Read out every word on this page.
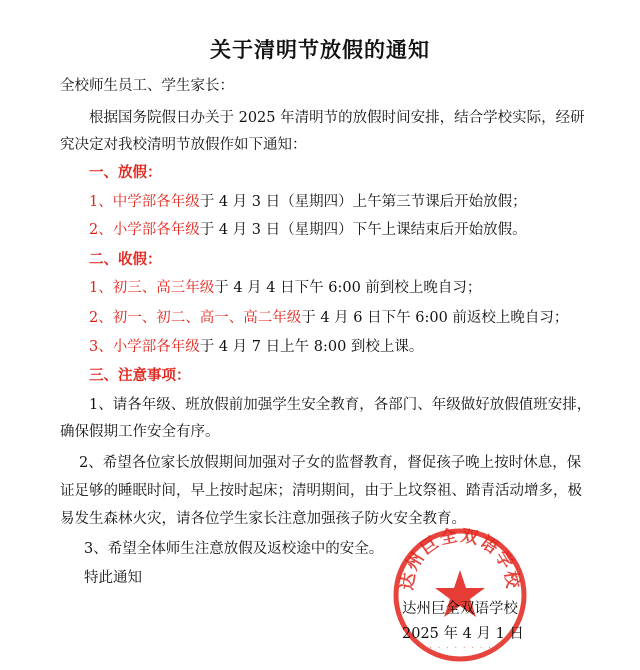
关于清明节放假的通知
全校师生员工、学生家长：
根据国务院假日办关于 2025 年清明节的放假时间安排，结合学校实际，经研
究决定对我校清明节放假作如下通知：
一、放假：
1、中学部各年级于 4 月 3 日（星期四）上午第三节课后开始放假；
2、小学部各年级于 4 月 3 日（星期四）下午上课结束后开始放假。
二、收假：
1、初三、高三年级于 4 月 4 日下午 6:00 前到校上晚自习；
2、初一、初二、高一、高二年级于 4 月 6 日下午 6:00 前返校上晚自习；
3、小学部各年级于 4 月 7 日上午 8:00 到校上课。
三、注意事项：
1、请各年级、班放假前加强学生安全教育，各部门、年级做好放假值班安排，
确保假期工作安全有序。
2、希望各位家长放假期间加强对子女的监督教育，督促孩子晚上按时休息，保
证足够的睡眠时间，早上按时起床；清明期间，由于上坟祭祖、踏青活动增多，极
易发生森林火灾，请各位学生家长注意加强孩子防火安全教育。
3、希望全体师生注意放假及返校途中的安全。
特此通知	达州巨全双语学校
· · · · · · · ·
达州巨全双语学校
2025 年 4 月 1 日
